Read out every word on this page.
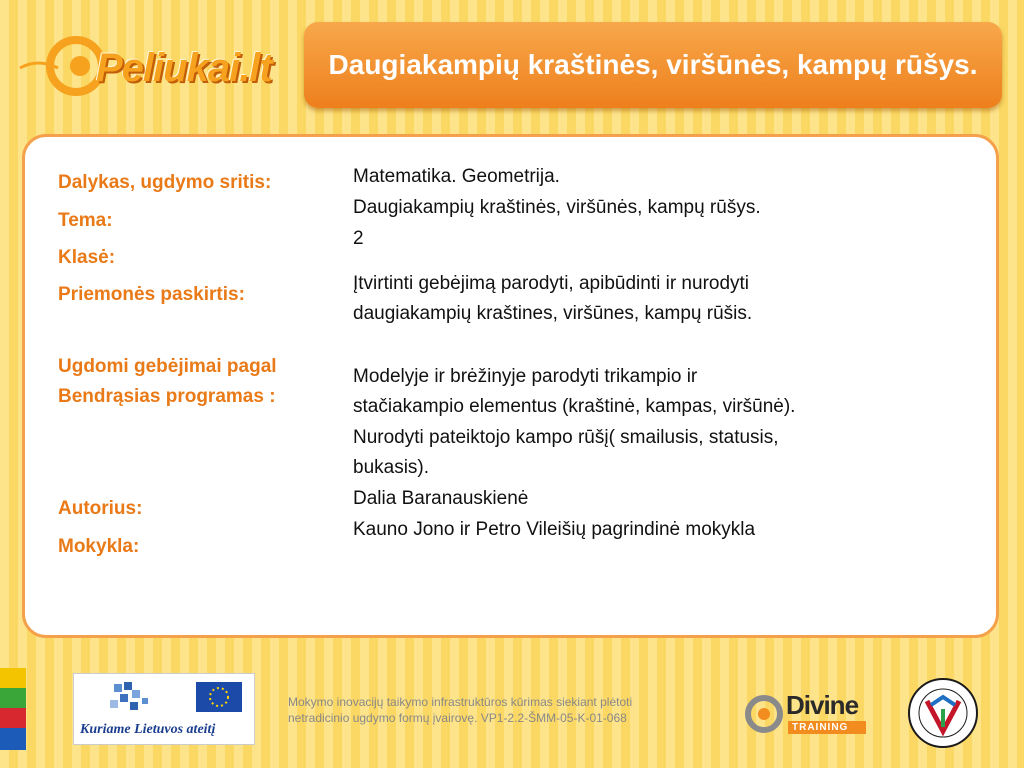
Peliukai.lt	Daugiakampių kraštinės, viršūnės, kampų rūšys.
Dalykas, ugdymo sritis:
Tema:
Klasė:
Priemonės paskirtis:
Ugdomi gebėjimai pagal
Bendrąsias programas :
Autorius:
Mokykla:
Matematika. Geometrija.
Daugiakampių kraštinės, viršūnės, kampų rūšys.
2
Įtvirtinti gebėjimą parodyti, apibūdinti ir nurodyti
daugiakampių kraštines, viršūnes, kampų rūšis.
Modelyje ir brėžinyje parodyti trikampio ir
stačiakampio elementus (kraštinė, kampas, viršūnė).
Nurodyti pateiktojo kampo rūšį( smailusis, statusis,
bukasis).
Dalia Baranauskienė
Kauno Jono ir Petro Vileišių pagrindinė mokykla
Kuriame Lietuvos ateitį
Mokymo inovacijų taikymo infrastruktūros kūrimas siekiant plėtoti
netradicinio ugdymo formų įvairovę. VP1-2.2-ŠMM-05-K-01-068	Divine
TRAINING
